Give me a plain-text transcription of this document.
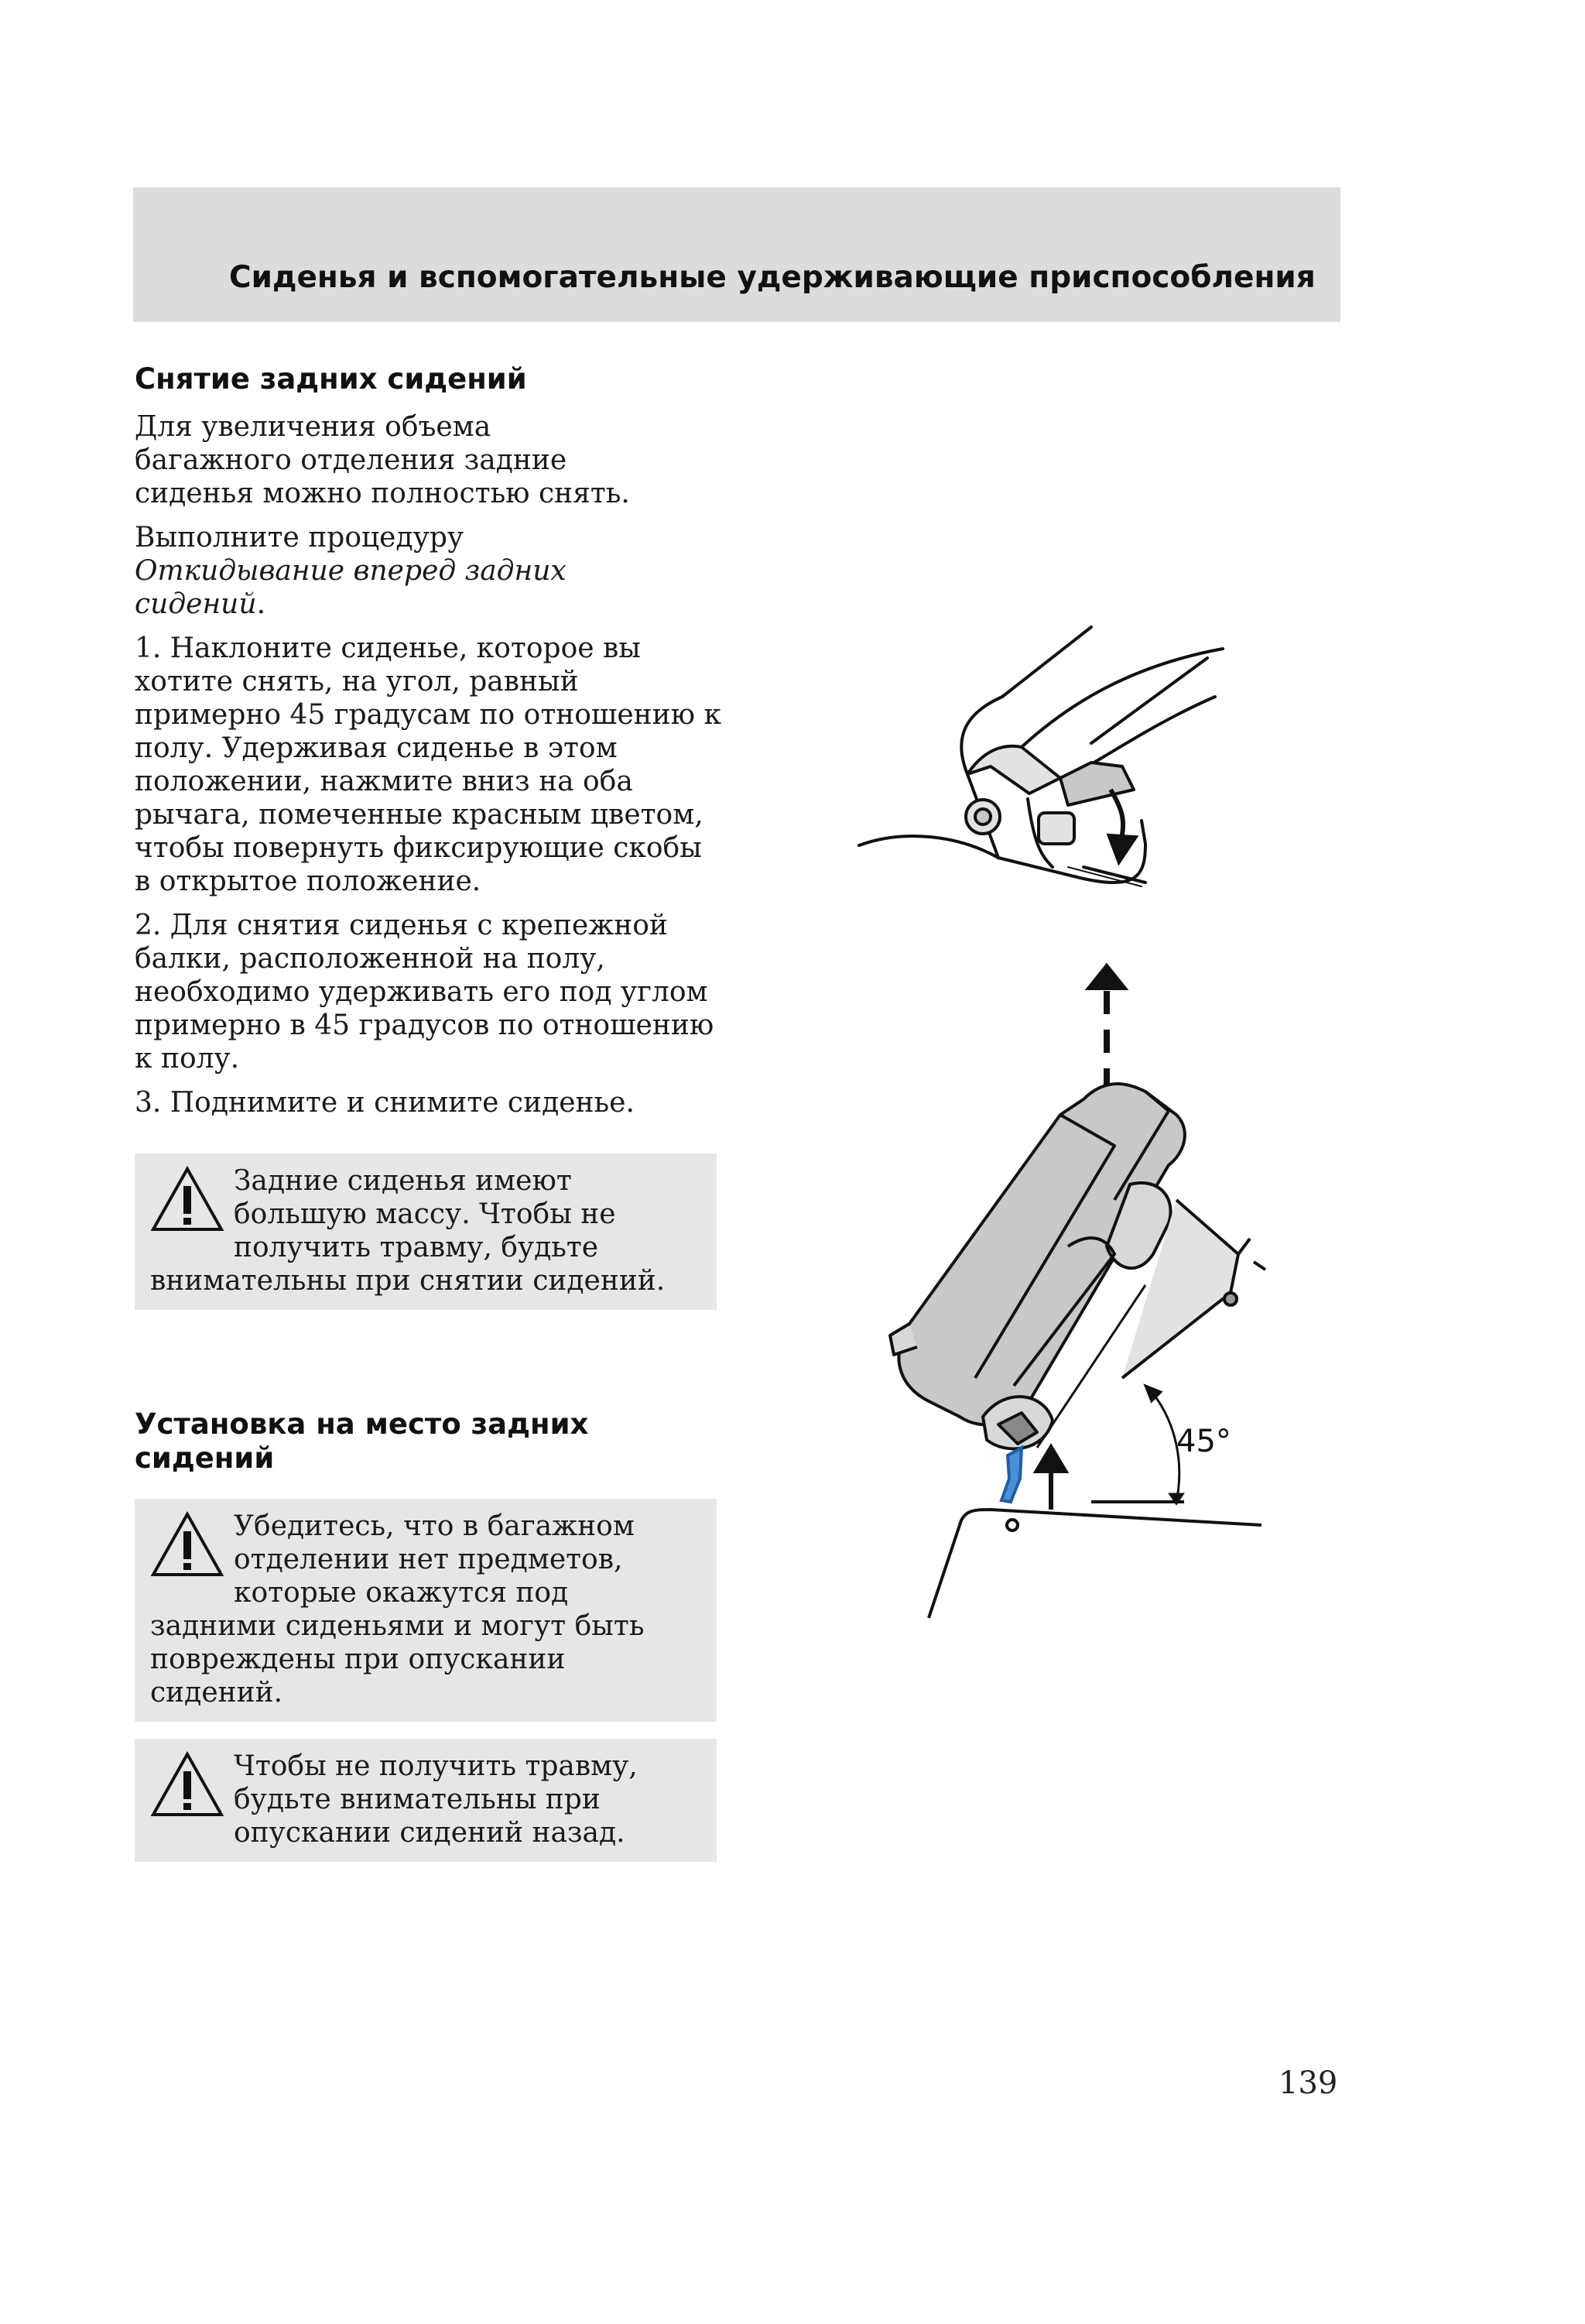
Сиденья и вспомогательные удерживающие приспособления
Снятие задних сидений

Для увеличения объема багажного отделения задние сиденья можно полностью снять.

Выполните процедуру Откидывание вперед задних сидений.

1. Наклоните сиденье, которое вы хотите снять, на угол, равный примерно 45 градусам по отношению к полу. Удерживая сиденье в этом положении, нажмите вниз на оба рычага, помеченные красным цветом, чтобы повернуть фиксирующие скобы в открытое положение.

2. Для снятия сиденья с крепежной балки, расположенной на полу, необходимо удерживать его под углом примерно в 45 градусов по отношению к полу.

3. Поднимите и снимите сиденье.

Задние сиденья имеют большую массу. Чтобы не получить травму, будьте внимательны при снятии сидений.
Установка на место задних сидений
Убедитесь, что в багажном отделении нет предметов, которые окажутся под задними сиденьями и могут быть повреждены при опускании сидений.
Чтобы не получить травму, будьте внимательны при опускании сидений назад.
45°
139
